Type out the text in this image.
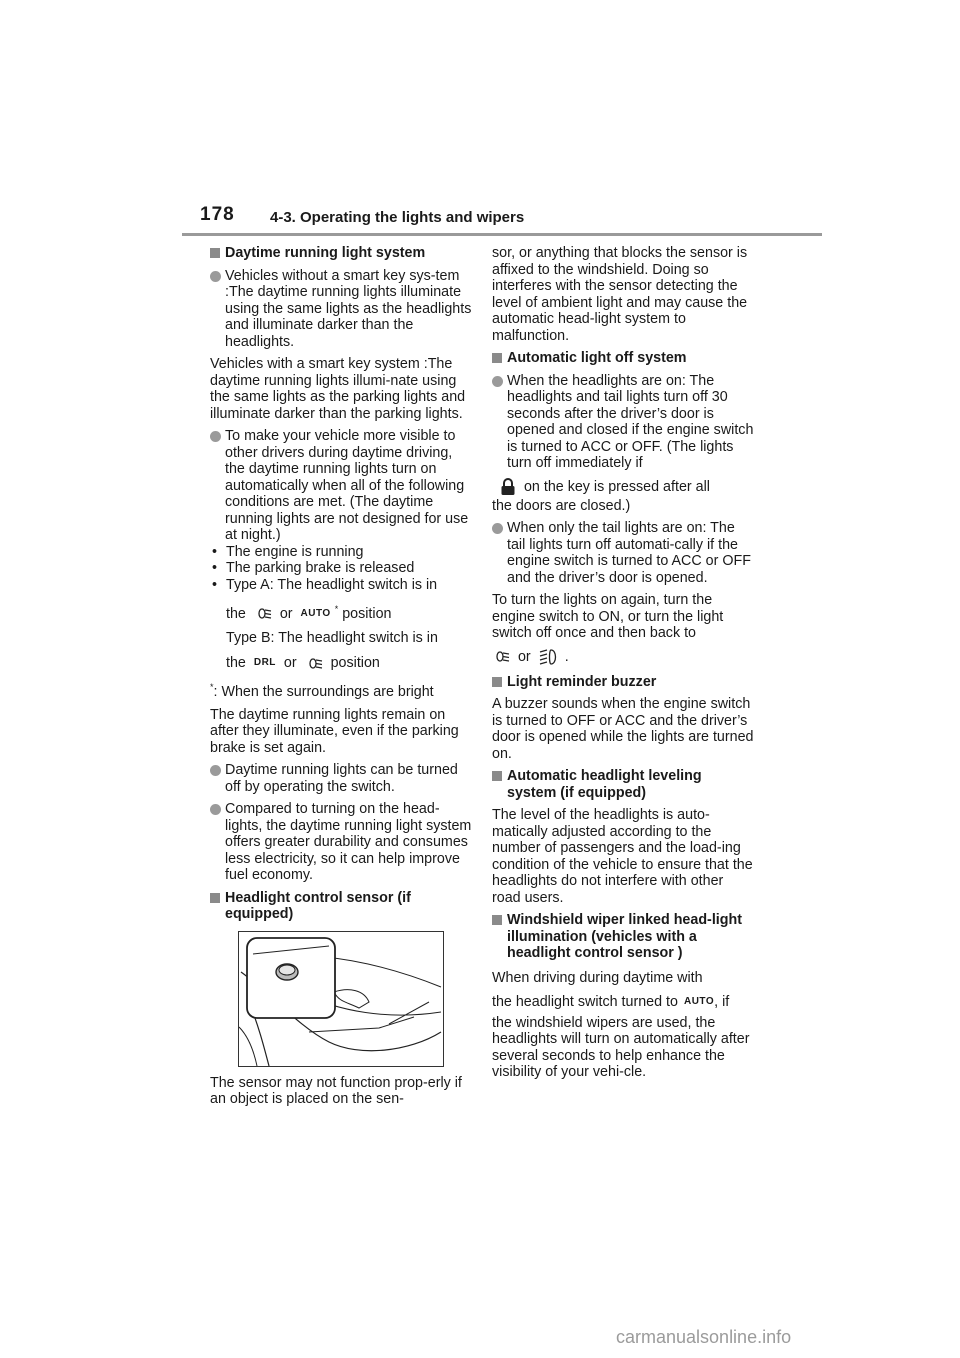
178 4-3. Operating the lights and wipers
Daytime running light system
Vehicles without a smart key sys-tem :The daytime running lights illuminate using the same lights as the headlights and illuminate darker than the headlights.

Vehicles with a smart key system :The daytime running lights illumi-nate using the same lights as the parking lights and illuminate darker than the parking lights.

To make your vehicle more visible to other drivers during daytime driving, the daytime running lights turn on automatically when all of the following conditions are met. (The daytime running lights are not designed for use at night.)
• The engine is running
• The parking brake is released
• Type A: The headlight switch is in
the or AUTO * position
Type B: The headlight switch is in
the DRL or position

*: When the surroundings are bright

The daytime running lights remain on after they illuminate, even if the parking brake is set again.

Daytime running lights can be turned off by operating the switch.
Compared to turning on the head-lights, the daytime running light system offers greater durability and consumes less electricity, so it can help improve fuel economy.
Headlight control sensor (if equipped)

The sensor may not function prop-erly if an object is placed on the sen-

sor, or anything that blocks the sensor is affixed to the windshield. Doing so interferes with the sensor detecting the level of ambient light and may cause the automatic head-light system to malfunction.

Automatic light off system
When the headlights are on: The headlights and tail lights turn off 30 seconds after the driver’s door is opened and closed if the engine switch is turned to ACC or OFF. (The lights turn off immediately if
on the key is pressed after all

the doors are closed.)

When only the tail lights are on: The tail lights turn off automati-cally if the engine switch is turned to ACC or OFF and the driver’s door is opened.

To turn the lights on again, turn the engine switch to ON, or turn the light switch off once and then back to

or .
Light reminder buzzer

A buzzer sounds when the engine switch is turned to OFF or ACC and the driver’s door is opened while the lights are turned on.

Automatic headlight leveling system (if equipped)

The level of the headlights is auto-matically adjusted according to the number of passengers and the load-ing condition of the vehicle to ensure that the headlights do not interfere with other road users.

Windshield wiper linked head-light illumination (vehicles with a headlight control sensor )

When driving during daytime with

the headlight switch turned to AUTO, if

the windshield wipers are used, the headlights will turn on automatically after several seconds to help enhance the visibility of your vehi-cle.

carmanualsonline.info
